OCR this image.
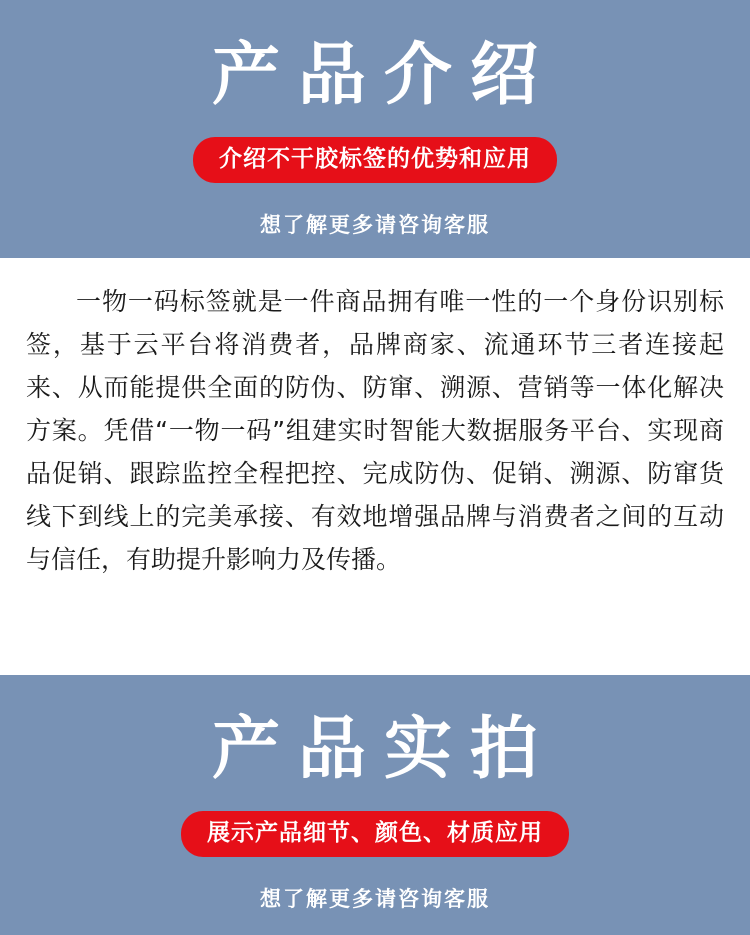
产品介绍
介绍不干胶标签的优势和应用
想了解更多请咨询客服

一物一码标签就是一件商品拥有唯一性的一个身份识别标签，基于云平台将消费者，品牌商家、流通环节三者连接起来、从而能提供全面的防伪、防窜、溯源、营销等一体化解决方案。凭借“一物一码”组建实时智能大数据服务平台、实现商品促销、跟踪监控全程把控、完成防伪、促销、溯源、防窜货线下到线上的完美承接、有效地增强品牌与消费者之间的互动与信任，有助提升影响力及传播。

产品实拍
展示产品细节、颜色、材质应用
想了解更多请咨询客服
